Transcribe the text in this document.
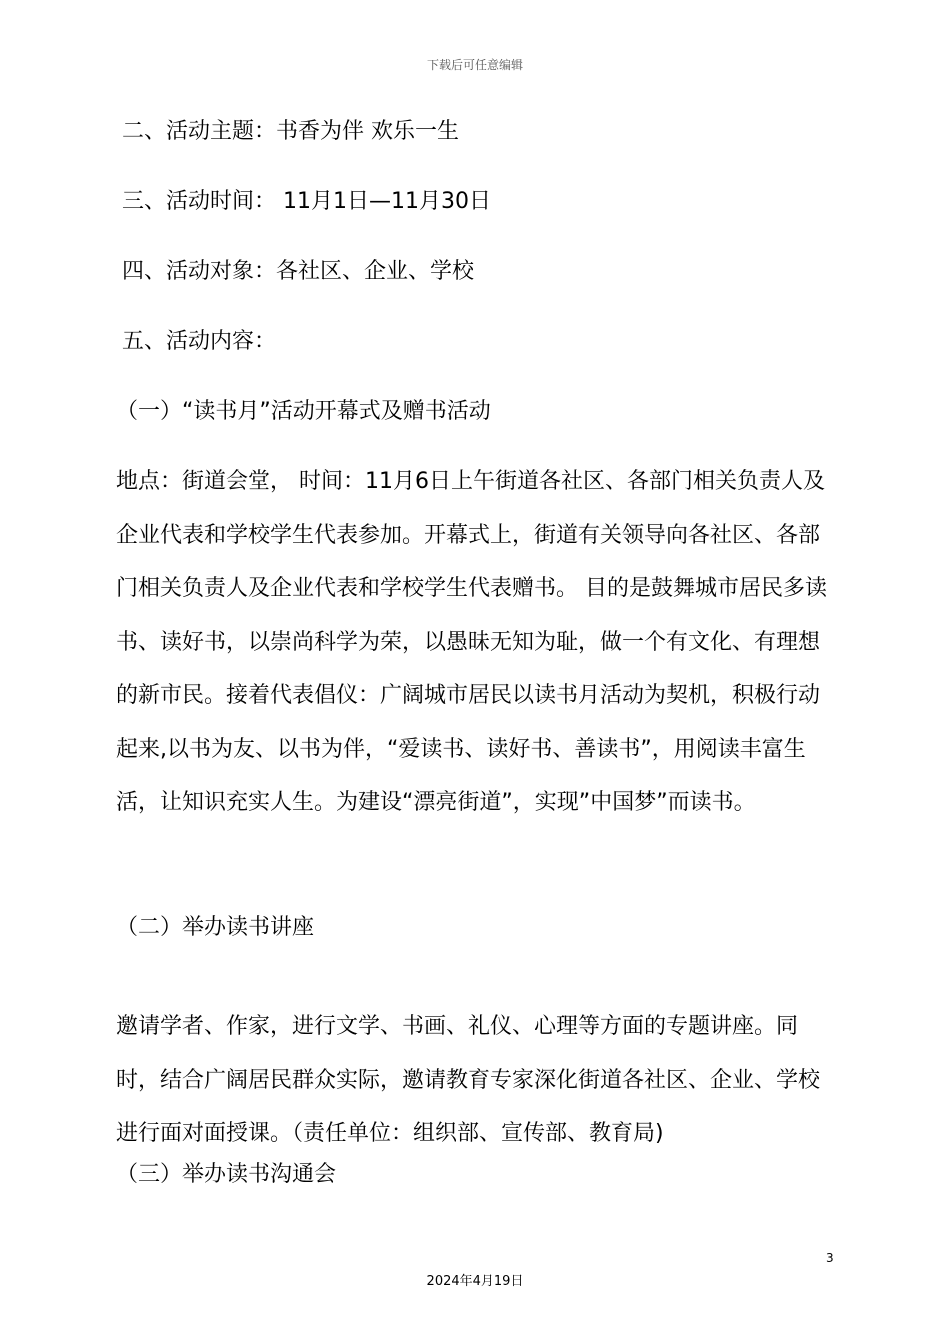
下载后可任意编辑
二、活动主题：书香为伴 欢乐一生
三、活动时间： 11月1日—11月30日
四、活动对象：各社区、企业、学校
五、活动内容：
（一）“读书月”活动开幕式及赠书活动
地点：街道会堂， 时间：11月6日上午街道各社区、各部门相关负责人及企业代表和学校学生代表参加。开幕式上，街道有关领导向各社区、各部门相关负责人及企业代表和学校学生代表赠书。 目的是鼓舞城市居民多读书、读好书，以崇尚科学为荣，以愚昧无知为耻，做一个有文化、有理想的新市民。接着代表倡仪：广阔城市居民以读书月活动为契机，积极行动起来,以书为友、以书为伴，“爱读书、读好书、善读书”，用阅读丰富生活，让知识充实人生。为建设“漂亮街道”，实现”中国梦”而读书。
（二）举办读书讲座
邀请学者、作家，进行文学、书画、礼仪、心理等方面的专题讲座。同时，结合广阔居民群众实际，邀请教育专家深化街道各社区、企业、学校进行面对面授课。（责任单位：组织部、宣传部、教育局)
（三）举办读书沟通会
3
2024年4月19日
